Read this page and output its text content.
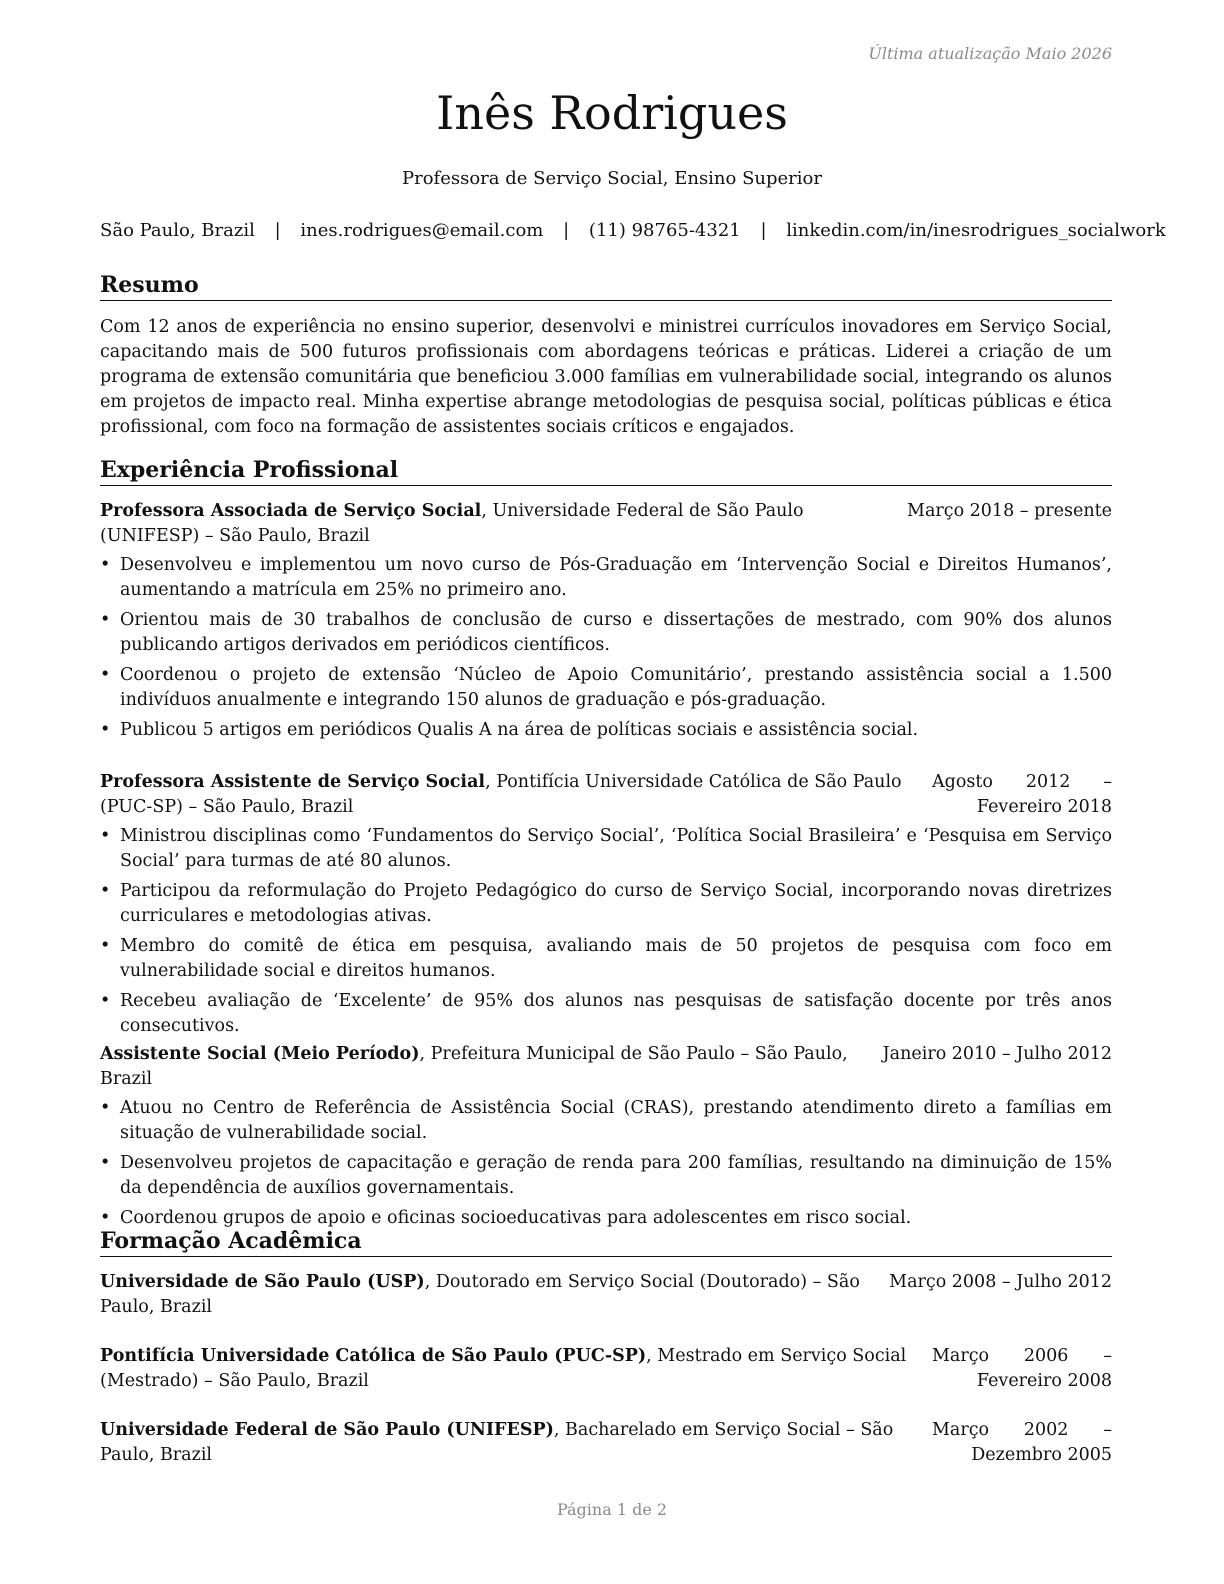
Última atualização Maio 2026
Inês Rodrigues
Professora de Serviço Social, Ensino Superior
São Paulo, Brazil | ines.rodrigues@email.com | (11) 98765-4321 | linkedin.com/in/inesrodrigues_socialwork
Resumo
Com 12 anos de experiência no ensino superior, desenvolvi e ministrei currículos inovadores em Serviço Social, capacitando mais de 500 futuros profissionais com abordagens teóricas e práticas. Liderei a criação de um programa de extensão comunitária que beneficiou 3.000 famílias em vulnerabilidade social, integrando os alunos em projetos de impacto real. Minha expertise abrange metodologias de pesquisa social, políticas públicas e ética profissional, com foco na formação de assistentes sociais críticos e engajados.
Experiência Profissional
Professora Associada de Serviço Social, Universidade Federal de São Paulo (UNIFESP) – São Paulo, Brazil
Março 2018 – presente
• Desenvolveu e implementou um novo curso de Pós-Graduação em ‘Intervenção Social e Direitos Humanos’, aumentando a matrícula em 25% no primeiro ano.
• Orientou mais de 30 trabalhos de conclusão de curso e dissertações de mestrado, com 90% dos alunos publicando artigos derivados em periódicos científicos.
• Coordenou o projeto de extensão ‘Núcleo de Apoio Comunitário’, prestando assistência social a 1.500 indivíduos anualmente e integrando 150 alunos de graduação e pós-graduação.
• Publicou 5 artigos em periódicos Qualis A na área de políticas sociais e assistência social.
Professora Assistente de Serviço Social, Pontifícia Universidade Católica de São Paulo (PUC-SP) – São Paulo, Brazil
Agosto 2012 – Fevereiro 2018
• Ministrou disciplinas como ‘Fundamentos do Serviço Social’, ‘Política Social Brasileira’ e ‘Pesquisa em Serviço Social’ para turmas de até 80 alunos.
• Participou da reformulação do Projeto Pedagógico do curso de Serviço Social, incorporando novas diretrizes curriculares e metodologias ativas.
• Membro do comitê de ética em pesquisa, avaliando mais de 50 projetos de pesquisa com foco em vulnerabilidade social e direitos humanos.
• Recebeu avaliação de ‘Excelente’ de 95% dos alunos nas pesquisas de satisfação docente por três anos consecutivos.
Assistente Social (Meio Período), Prefeitura Municipal de São Paulo – São Paulo, Brazil
Janeiro 2010 – Julho 2012
• Atuou no Centro de Referência de Assistência Social (CRAS), prestando atendimento direto a famílias em situação de vulnerabilidade social.
• Desenvolveu projetos de capacitação e geração de renda para 200 famílias, resultando na diminuição de 15% da dependência de auxílios governamentais.
• Coordenou grupos de apoio e oficinas socioeducativas para adolescentes em risco social.
Formação Acadêmica
Universidade de São Paulo (USP), Doutorado em Serviço Social (Doutorado) – São Paulo, Brazil
Março 2008 – Julho 2012
Pontifícia Universidade Católica de São Paulo (PUC-SP), Mestrado em Serviço Social (Mestrado) – São Paulo, Brazil
Março 2006 – Fevereiro 2008
Universidade Federal de São Paulo (UNIFESP), Bacharelado em Serviço Social – São Paulo, Brazil
Março 2002 – Dezembro 2005
Página 1 de 2
